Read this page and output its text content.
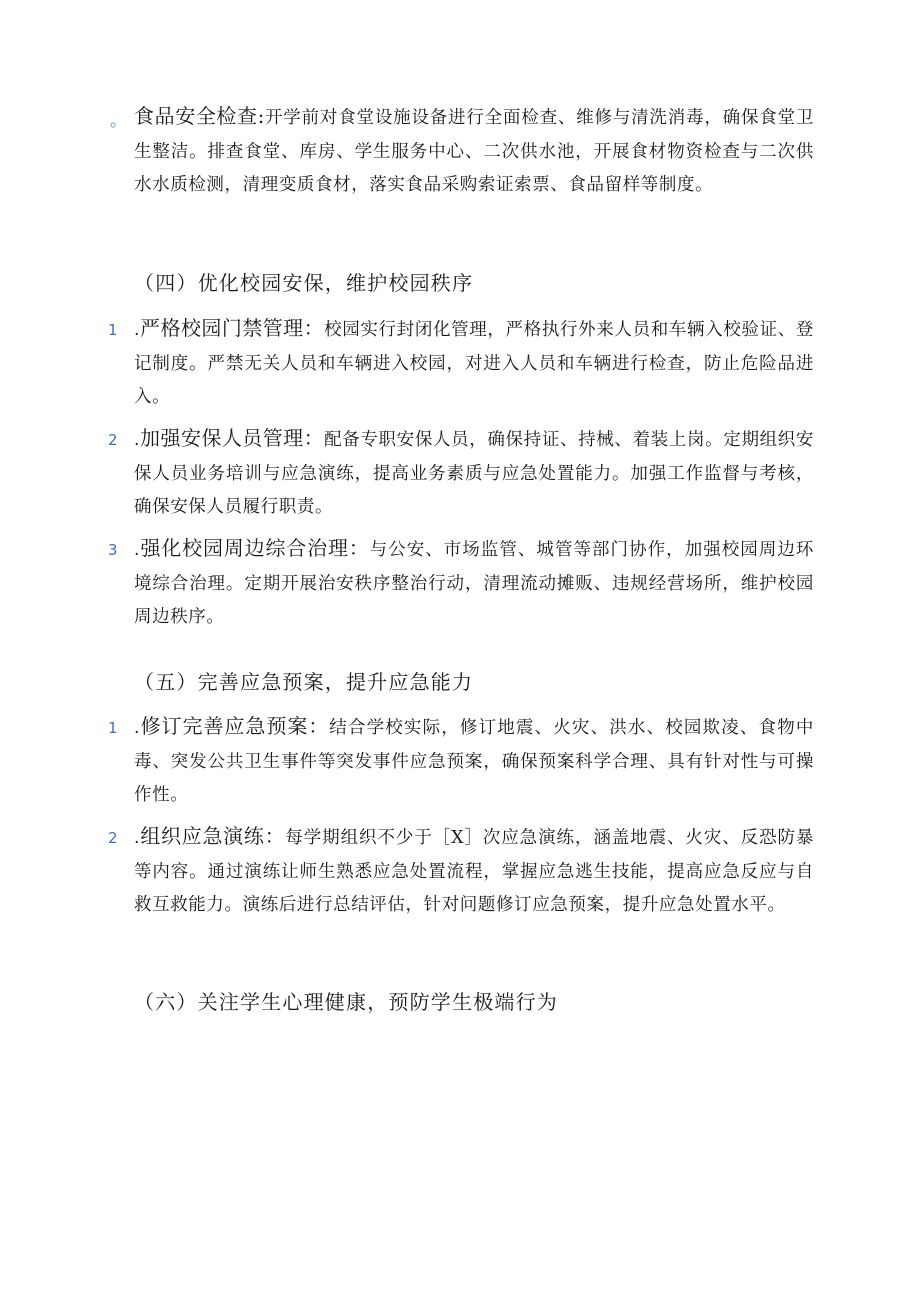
。 食品安全检查:开学前对食堂设施设备进行全面检查、维修与清洗消毒，确保食堂卫生整洁。排查食堂、库房、学生服务中心、二次供水池，开展食材物资检查与二次供水水质检测，清理变质食材，落实食品采购索证索票、食品留样等制度。
（四）优化校园安保，维护校园秩序
1 .严格校园门禁管理：校园实行封闭化管理，严格执行外来人员和车辆入校验证、登记制度。严禁无关人员和车辆进入校园，对进入人员和车辆进行检查，防止危险品进入。
2 .加强安保人员管理：配备专职安保人员，确保持证、持械、着装上岗。定期组织安保人员业务培训与应急演练，提高业务素质与应急处置能力。加强工作监督与考核，确保安保人员履行职责。
3 .强化校园周边综合治理：与公安、市场监管、城管等部门协作，加强校园周边环境综合治理。定期开展治安秩序整治行动，清理流动摊贩、违规经营场所，维护校园周边秩序。
（五）完善应急预案，提升应急能力
1 .修订完善应急预案：结合学校实际，修订地震、火灾、洪水、校园欺凌、食物中毒、突发公共卫生事件等突发事件应急预案，确保预案科学合理、具有针对性与可操作性。
2 .组织应急演练：每学期组织不少于［X］次应急演练，涵盖地震、火灾、反恐防暴等内容。通过演练让师生熟悉应急处置流程，掌握应急逃生技能，提高应急反应与自救互救能力。演练后进行总结评估，针对问题修订应急预案，提升应急处置水平。
（六）关注学生心理健康，预防学生极端行为
